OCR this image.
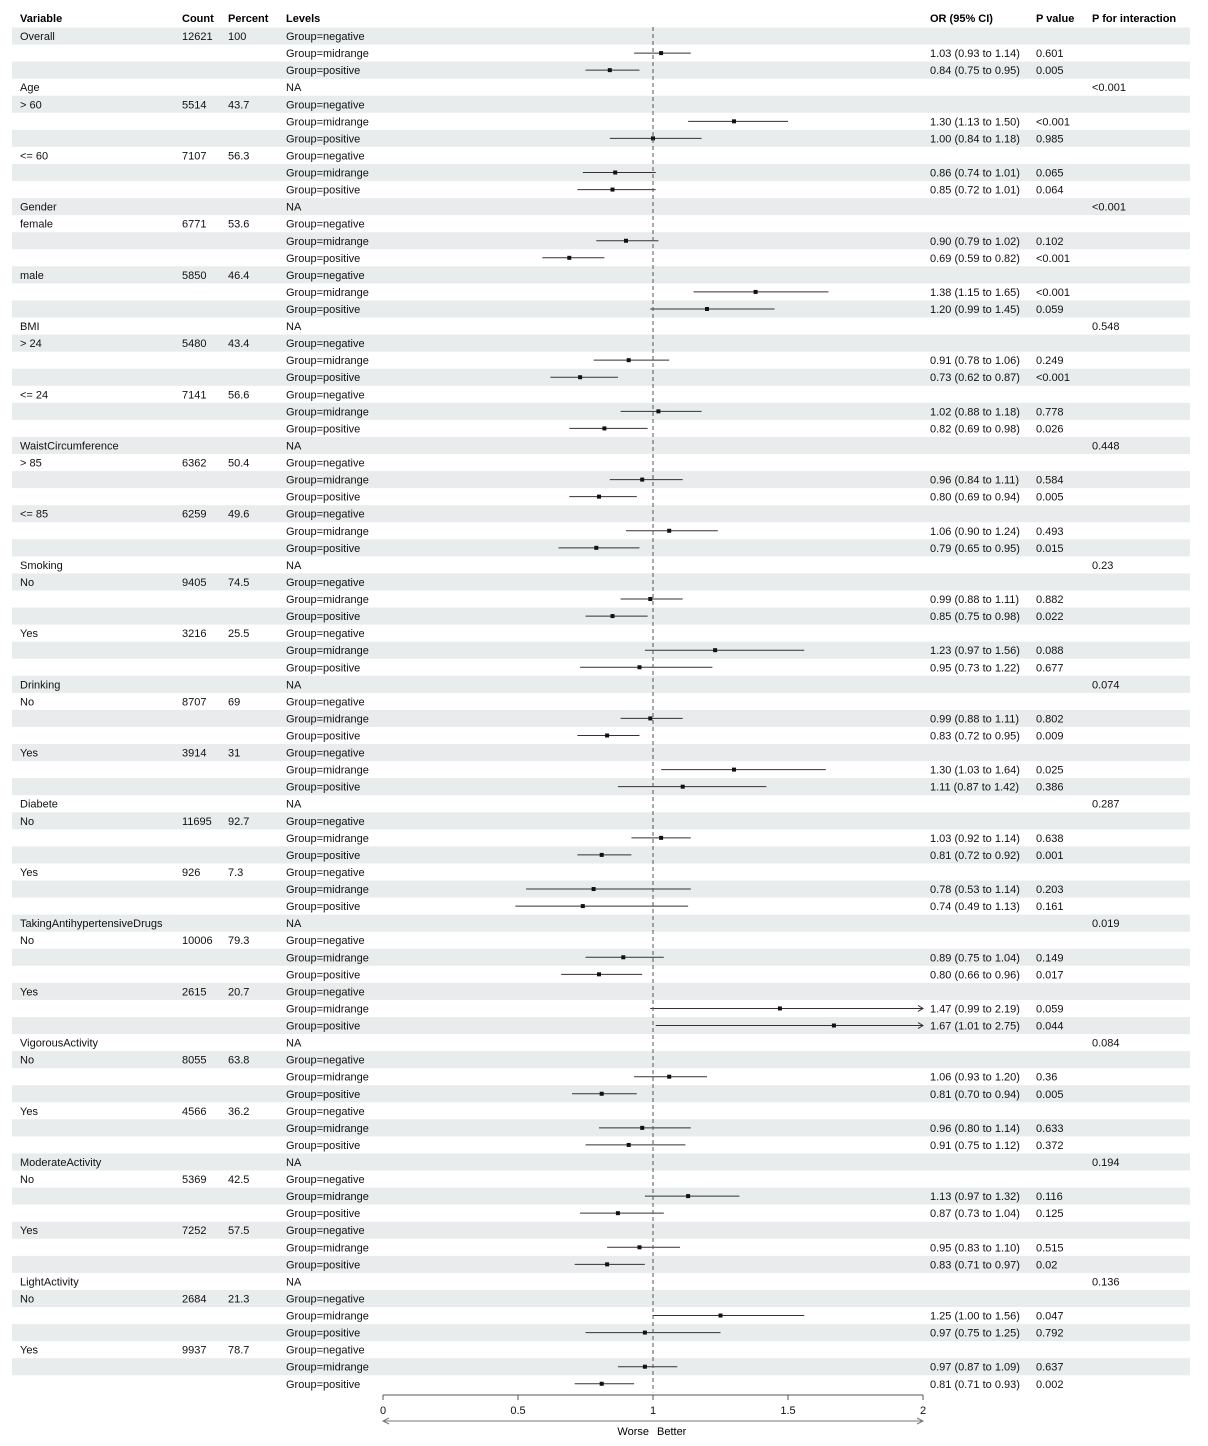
Variable	Count Percent Levels	OR (95% CI)	P value P for interaction
Overall	12621 100	Group=negative
Group=midrange	1.03 (0.93 to 1.14) 0.601
Group=positive	0.84 (0.75 to 0.95) 0.005
Age	NA	<0.001
> 60	5514 43.7	Group=negative
Group=midrange	1.30 (1.13 to 1.50) <0.001
Group=positive	1.00 (0.84 to 1.18) 0.985
<= 60	7107 56.3	Group=negative
Group=midrange	0.86 (0.74 to 1.01) 0.065
Group=positive	0.85 (0.72 to 1.01) 0.064
Gender	NA	<0.001
female	6771 53.6	Group=negative
Group=midrange	0.90 (0.79 to 1.02) 0.102
Group=positive	0.69 (0.59 to 0.82) <0.001
male	5850 46.4	Group=negative
Group=midrange	1.38 (1.15 to 1.65) <0.001
Group=positive	1.20 (0.99 to 1.45) 0.059
BMI	NA	0.548
> 24	5480 43.4	Group=negative
Group=midrange	0.91 (0.78 to 1.06) 0.249
Group=positive	0.73 (0.62 to 0.87) <0.001
<= 24	7141 56.6	Group=negative
Group=midrange	1.02 (0.88 to 1.18) 0.778
Group=positive	0.82 (0.69 to 0.98) 0.026
WaistCircumference	NA	0.448
> 85	6362 50.4	Group=negative
Group=midrange	0.96 (0.84 to 1.11) 0.584
Group=positive	0.80 (0.69 to 0.94) 0.005
<= 85	6259 49.6	Group=negative
Group=midrange	1.06 (0.90 to 1.24) 0.493
Group=positive	0.79 (0.65 to 0.95) 0.015
Smoking	NA	0.23
No	9405 74.5	Group=negative
Group=midrange	0.99 (0.88 to 1.11) 0.882
Group=positive	0.85 (0.75 to 0.98) 0.022
Yes	3216 25.5	Group=negative
Group=midrange	1.23 (0.97 to 1.56) 0.088
Group=positive	0.95 (0.73 to 1.22) 0.677
Drinking	NA	0.074
No	8707 69	Group=negative
Group=midrange	0.99 (0.88 to 1.11) 0.802
Group=positive	0.83 (0.72 to 0.95) 0.009
Yes	3914 31	Group=negative
Group=midrange	1.30 (1.03 to 1.64) 0.025
Group=positive	1.11 (0.87 to 1.42) 0.386
Diabete	NA	0.287
No	11695 92.7	Group=negative
Group=midrange	1.03 (0.92 to 1.14) 0.638
Group=positive	0.81 (0.72 to 0.92) 0.001
Yes	926	7.3	Group=negative
Group=midrange	0.78 (0.53 to 1.14) 0.203
Group=positive	0.74 (0.49 to 1.13) 0.161
TakingAntihypertensiveDrugs	NA	0.019
No	10006 79.3	Group=negative
Group=midrange	0.89 (0.75 to 1.04) 0.149
Group=positive	0.80 (0.66 to 0.96) 0.017
Yes	2615 20.7	Group=negative
Group=midrange	1.47 (0.99 to 2.19) 0.059
Group=positive	1.67 (1.01 to 2.75) 0.044
VigorousActivity	NA	0.084
No	8055 63.8	Group=negative
Group=midrange	1.06 (0.93 to 1.20) 0.36
Group=positive	0.81 (0.70 to 0.94) 0.005
Yes	4566 36.2	Group=negative
Group=midrange	0.96 (0.80 to 1.14) 0.633
Group=positive	0.91 (0.75 to 1.12) 0.372
ModerateActivity	NA	0.194
No	5369 42.5	Group=negative
Group=midrange	1.13 (0.97 to 1.32) 0.116
Group=positive	0.87 (0.73 to 1.04) 0.125
Yes	7252 57.5	Group=negative
Group=midrange	0.95 (0.83 to 1.10) 0.515
Group=positive	0.83 (0.71 to 0.97) 0.02
LightActivity	NA	0.136
No	2684 21.3	Group=negative
Group=midrange	1.25 (1.00 to 1.56) 0.047
Group=positive	0.97 (0.75 to 1.25) 0.792
Yes	9937 78.7	Group=negative
Group=midrange	0.97 (0.87 to 1.09) 0.637
Group=positive	0.81 (0.71 to 0.93) 0.002
0	0.5	1	1.5	2
Worse Better
